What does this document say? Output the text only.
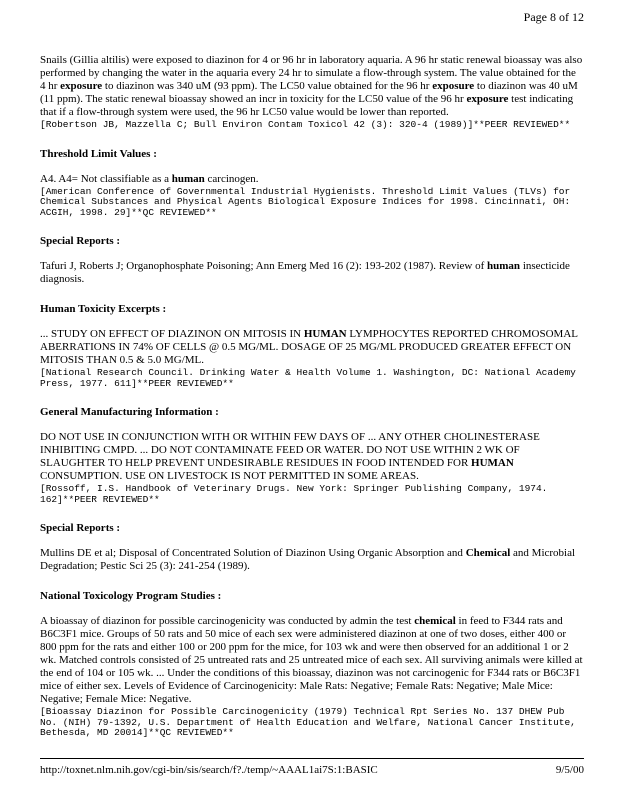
Page 8 of 12
Snails (Gillia altilis) were exposed to diazinon for 4 or 96 hr in laboratory aquaria. A 96 hr static renewal bioassay was also performed by changing the water in the aquaria every 24 hr to simulate a flow-through system. The value obtained for the 4 hr exposure to diazinon was 340 uM (93 ppm). The LC50 value obtained for the 96 hr exposure to diazinon was 40 uM (11 ppm). The static renewal bioassay showed an incr in toxicity for the LC50 value of the 96 hr exposure test indicating that if a flow-through system were used, the 96 hr LC50 value would be lower than reported.
[Robertson JB, Mazzella C; Bull Environ Contam Toxicol 42 (3): 320-4 (1989)]**PEER REVIEWED**
Threshold Limit Values :
A4. A4= Not classifiable as a human carcinogen.
[American Conference of Governmental Industrial Hygienists. Threshold Limit Values (TLVs) for Chemical Substances and Physical Agents Biological Exposure Indices for 1998. Cincinnati, OH: ACGIH, 1998. 29]**QC REVIEWED**
Special Reports :
Tafuri J, Roberts J; Organophosphate Poisoning; Ann Emerg Med 16 (2): 193-202 (1987). Review of human insecticide diagnosis.
Human Toxicity Excerpts :
... STUDY ON EFFECT OF DIAZINON ON MITOSIS IN HUMAN LYMPHOCYTES REPORTED CHROMOSOMAL ABERRATIONS IN 74% OF CELLS @ 0.5 MG/ML. DOSAGE OF 25 MG/ML PRODUCED GREATER EFFECT ON MITOSIS THAN 0.5 & 5.0 MG/ML.
[National Research Council. Drinking Water & Health Volume 1. Washington, DC: National Academy Press, 1977. 611]**PEER REVIEWED**
General Manufacturing Information :
DO NOT USE IN CONJUNCTION WITH OR WITHIN FEW DAYS OF ... ANY OTHER CHOLINESTERASE INHIBITING CMPD. ... DO NOT CONTAMINATE FEED OR WATER. DO NOT USE WITHIN 2 WK OF SLAUGHTER TO HELP PREVENT UNDESIRABLE RESIDUES IN FOOD INTENDED FOR HUMAN CONSUMPTION. USE ON LIVESTOCK IS NOT PERMITTED IN SOME AREAS.
[Rossoff, I.S. Handbook of Veterinary Drugs. New York: Springer Publishing Company, 1974. 162]**PEER REVIEWED**
Special Reports :
Mullins DE et al; Disposal of Concentrated Solution of Diazinon Using Organic Absorption and Chemical and Microbial Degradation; Pestic Sci 25 (3): 241-254 (1989).
National Toxicology Program Studies :
A bioassay of diazinon for possible carcinogenicity was conducted by admin the test chemical in feed to F344 rats and B6C3F1 mice. Groups of 50 rats and 50 mice of each sex were administered diazinon at one of two doses, either 400 or 800 ppm for the rats and either 100 or 200 ppm for the mice, for 103 wk and were then observed for an additional 1 or 2 wk. Matched controls consisted of 25 untreated rats and 25 untreated mice of each sex. All surviving animals were killed at the end of 104 or 105 wk. ... Under the conditions of this bioassay, diazinon was not carcinogenic for F344 rats or B6C3F1 mice of either sex. Levels of Evidence of Carcinogenicity: Male Rats: Negative; Female Rats: Negative; Male Mice: Negative; Female Mice: Negative.
[Bioassay Diazinon for Possible Carcinogenicity (1979) Technical Rpt Series No. 137 DHEW Pub No. (NIH) 79-1392, U.S. Department of Health Education and Welfare, National Cancer Institute, Bethesda, MD 20014]**QC REVIEWED**
http://toxnet.nlm.nih.gov/cgi-bin/sis/search/f?./temp/~AAAL1ai7S:1:BASIC	9/5/00
